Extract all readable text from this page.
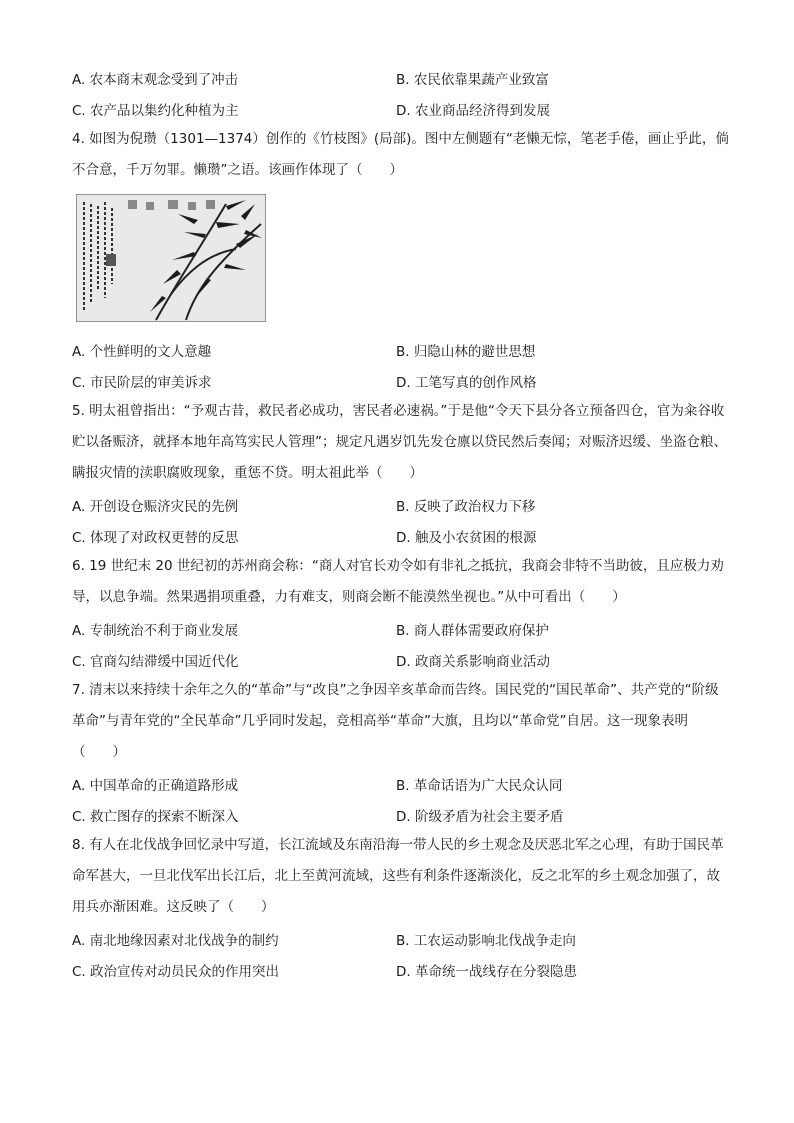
A. 农本商末观念受到了冲击	B. 农民依靠果蔬产业致富
C. 农产品以集约化种植为主	D. 农业商品经济得到发展

4. 如图为倪瓒（1301—1374）创作的《竹枝图》(局部)。图中左侧题有“老懒无悰，笔老手倦，画止乎此，倘不合意，千万勿罪。懒瓒”之语。该画作体现了（　　）

A. 个性鲜明的文人意趣	B. 归隐山林的避世思想
C. 市民阶层的审美诉求	D. 工笔写真的创作风格

5. 明太祖曾指出：“予观古昔，救民者必成功，害民者必速祸。”于是他“令天下县分各立预备四仓，官为籴谷收贮以备赈济，就择本地年高笃实民人管理”；规定凡遇岁饥先发仓廪以贷民然后奏闻；对赈济迟缓、坐盗仓粮、瞒报灾情的渎职腐败现象，重惩不贷。明太祖此举（　　）

A. 开创设仓赈济灾民的先例	B. 反映了政治权力下移
C. 体现了对政权更替的反思	D. 触及小农贫困的根源

6. 19 世纪末 20 世纪初的苏州商会称：“商人对官长劝令如有非礼之抵抗，我商会非特不当助彼，且应极力劝导，以息争端。然果遇捐项重叠，力有难支，则商会断不能漠然坐视也。”从中可看出（　　）

A. 专制统治不利于商业发展	B. 商人群体需要政府保护
C. 官商勾结滞缓中国近代化	D. 政商关系影响商业活动

7. 清末以来持续十余年之久的“革命”与“改良”之争因辛亥革命而告终。国民党的“国民革命”、共产党的“阶级革命”与青年党的“全民革命”几乎同时发起，竞相高举“革命”大旗，且均以“革命党”自居。这一现象表明（　　）

A. 中国革命的正确道路形成	B. 革命话语为广大民众认同
C. 救亡图存的探索不断深入	D. 阶级矛盾为社会主要矛盾

8. 有人在北伐战争回忆录中写道，长江流域及东南沿海一带人民的乡土观念及厌恶北军之心理，有助于国民革命军甚大，一旦北伐军出长江后，北上至黄河流域，这些有利条件逐渐淡化，反之北军的乡土观念加强了，故用兵亦渐困难。这反映了（　　）

A. 南北地缘因素对北伐战争的制约	B. 工农运动影响北伐战争走向
C. 政治宣传对动员民众的作用突出	D. 革命统一战线存在分裂隐患
